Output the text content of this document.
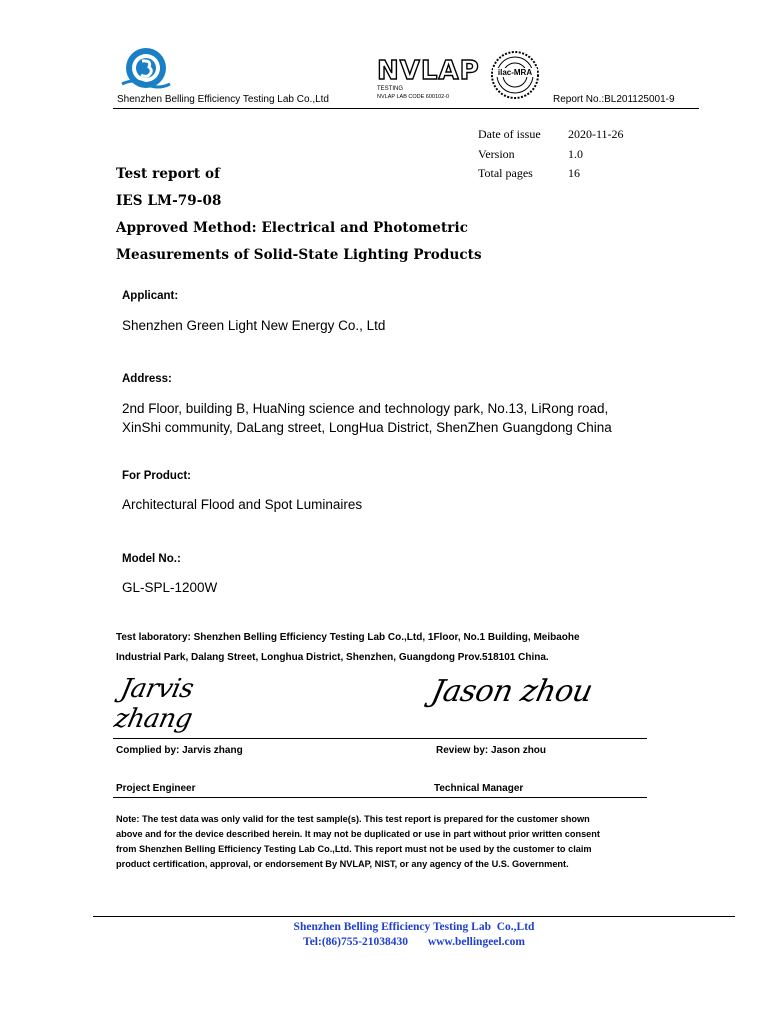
Shenzhen Belling Efficiency Testing Lab Co.,Ltd
NVLAP
TESTING
NVLAP LAB CODE 600102-0
ilac-MRA
Report No.:BL201125001-9
Date of issue 2020-11-26
Version	1.0
Total pages	16
Test report of
IES LM-79-08
Approved Method: Electrical and Photometric
Measurements of Solid-State Lighting Products
Applicant:
Shenzhen Green Light New Energy Co., Ltd
Address:
2nd Floor, building B, HuaNing science and technology park, No.13, LiRong road,
XinShi community, DaLang street, LongHua District, ShenZhen Guangdong China
For Product:
Architectural Flood and Spot Luminaires
Model No.:
GL-SPL-1200W
Test laboratory: Shenzhen Belling Efficiency Testing Lab Co.,Ltd, 1Floor, No.1 Building, Meibaohe
Industrial Park, Dalang Street, Longhua District, Shenzhen, Guangdong Prov.518101 China.
Jarvis zhang
Jason zhou
Complied by: Jarvis zhang	Review by: Jason zhou
Project Engineer	Technical Manager
Note: The test data was only valid for the test sample(s). This test report is prepared for the customer shown
above and for the device described herein. It may not be duplicated or use in part without prior written consent
from Shenzhen Belling Efficiency Testing Lab Co.,Ltd. This report must not be used by the customer to claim
product certification, approval, or endorsement By NVLAP, NIST, or any agency of the U.S. Government.
Shenzhen Belling Efficiency Testing Lab  Co.,Ltd
Tel:(86)755-21038430 www.bellingeel.com
